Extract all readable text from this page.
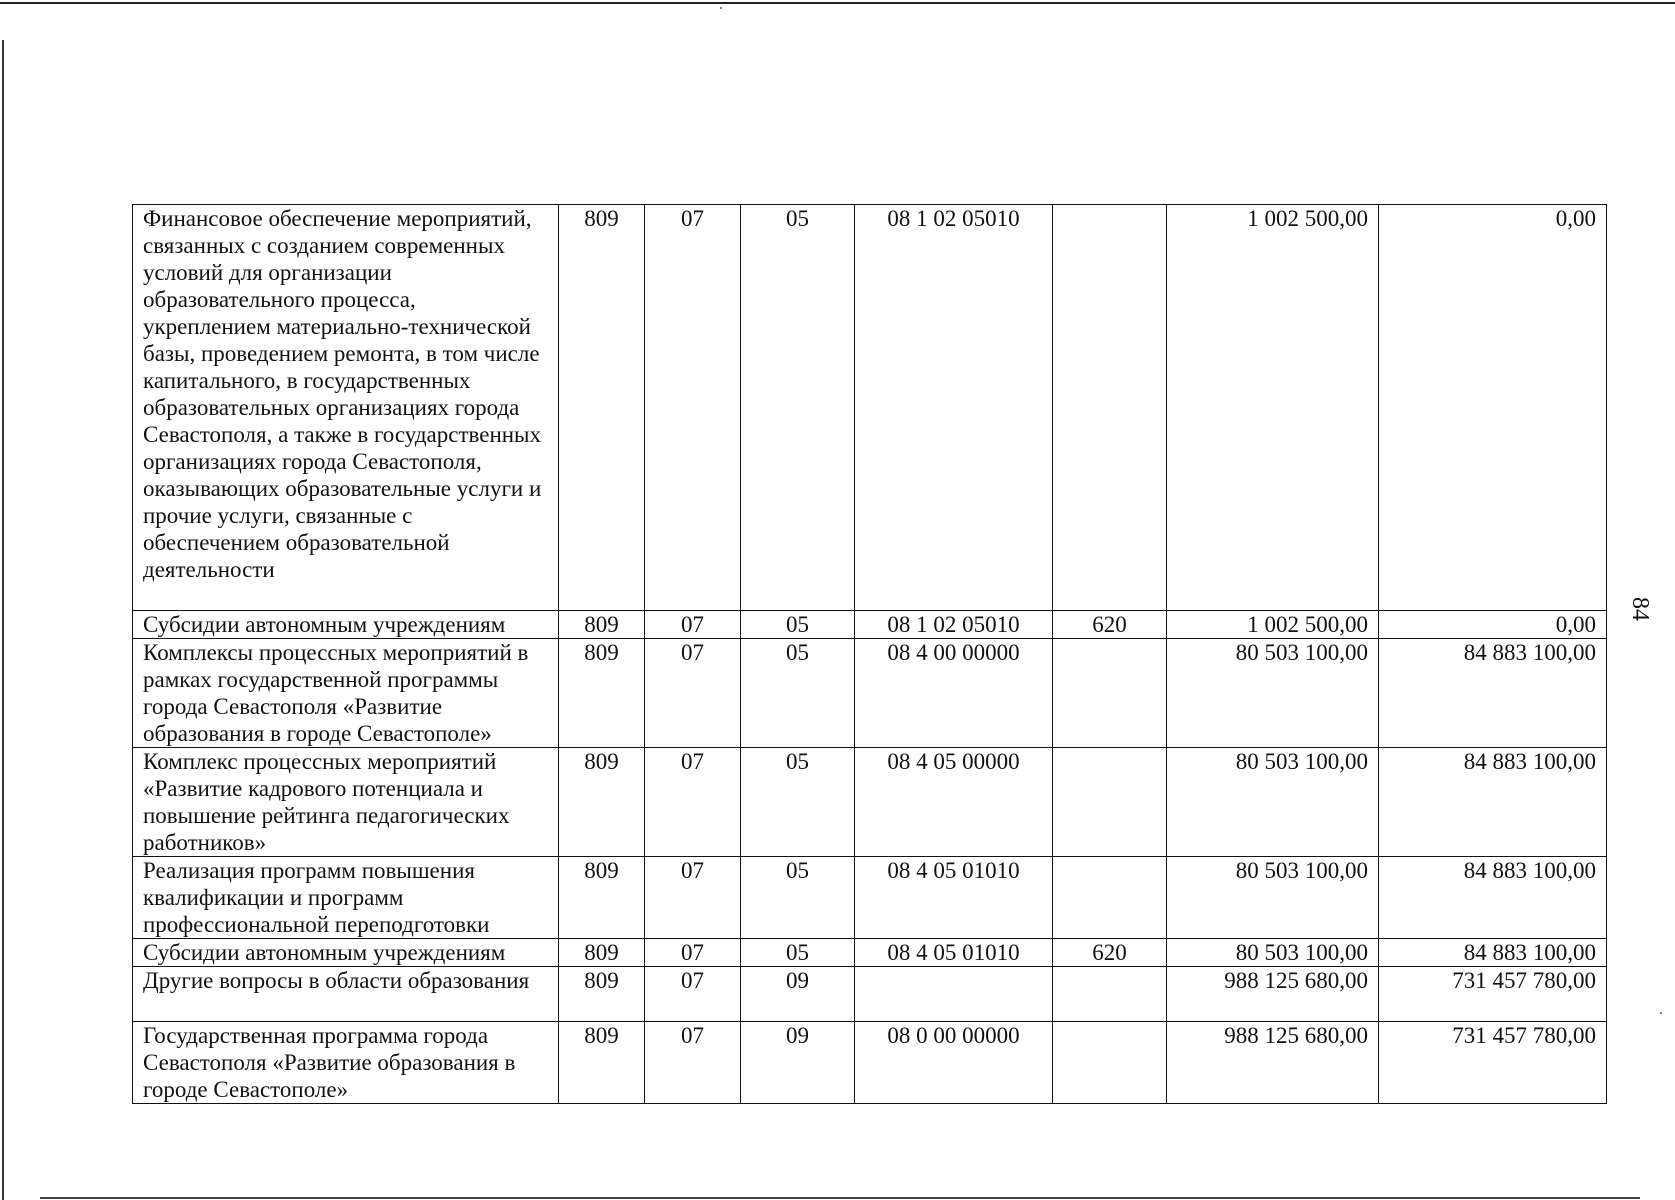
84
Финансовое обеспечение мероприятий, связанных с созданием современных условий для организации образовательного процесса, укреплением материально-технической базы, проведением ремонта, в том числе капитального, в государственных образовательных организациях города Севастополя, а также в государственных организациях города Севастополя, оказывающих образовательные услуги и прочие услуги, связанные с обеспечением образовательной деятельности	809	07	05	08 1 02 05010		1 002 500,00	0,00
Субсидии автономным учреждениям	809	07	05	08 1 02 05010	620	1 002 500,00	0,00
Комплексы процессных мероприятий в рамках государственной программы города Севастополя «Развитие образования в городе Севастополе»	809	07	05	08 4 00 00000		80 503 100,00	84 883 100,00
Комплекс процессных мероприятий «Развитие кадрового потенциала и повышение рейтинга педагогических работников»	809	07	05	08 4 05 00000		80 503 100,00	84 883 100,00
Реализация программ повышения квалификации и программ профессиональной переподготовки	809	07	05	08 4 05 01010		80 503 100,00	84 883 100,00
Субсидии автономным учреждениям	809	07	05	08 4 05 01010	620	80 503 100,00	84 883 100,00
Другие вопросы в области образования	809	07	09			988 125 680,00	731 457 780,00
Государственная программа города Севастополя «Развитие образования в городе Севастополе»	809	07	09	08 0 00 00000		988 125 680,00	731 457 780,00
